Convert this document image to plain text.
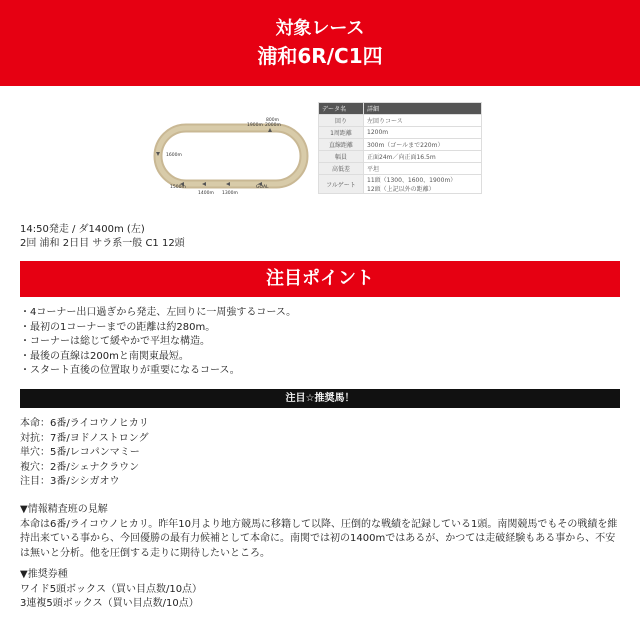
対象レース
浦和6R/C1四
URAWA RACECOURSE
800m
1900m 2000m
1600m
1500m
1400m 1300m
GOAL
データ名	詳細
回り	左回りコース
1周距離	1200m
直線距離	300m（ゴールまで220m）
幅員	正面24m／向正面16.5m
高低差	平坦
フルゲート	11頭（1300、1600、1900m）
12頭（上記以外の距離）
14:50発走 / ダ1400m (左)
2回 浦和 2日目 サラ系一般 C1 12頭
注目ポイント
・4コーナー出口過ぎから発走、左回りに一周強するコース。
・最初の1コーナーまでの距離は約280m。
・コーナーは総じて緩やかで平坦な構造。
・最後の直線は200mと南関東最短。
・スタート直後の位置取りが重要になるコース。
注目☆推奨馬！
本命：6番/ライコウノヒカリ
対抗：7番/ヨドノストロング
単穴：5番/レコパンマミー
複穴：2番/シェナクラウン
注目：3番/シシガオウ
▼情報精査班の見解
本命は6番/ライコウノヒカリ。昨年10月より地方競馬に移籍して以降、圧倒的な戦績を記録している1頭。南関競馬でもその戦績を維持出来ている事から、今回優勝の最有力候補として本命に。南関では初の1400mではあるが、かつては走破経験もある事から、不安は無いと分析。他を圧倒する走りに期待したいところ。
▼推奨券種
ワイド5頭ボックス（買い目点数/10点）
3連複5頭ボックス（買い目点数/10点）
